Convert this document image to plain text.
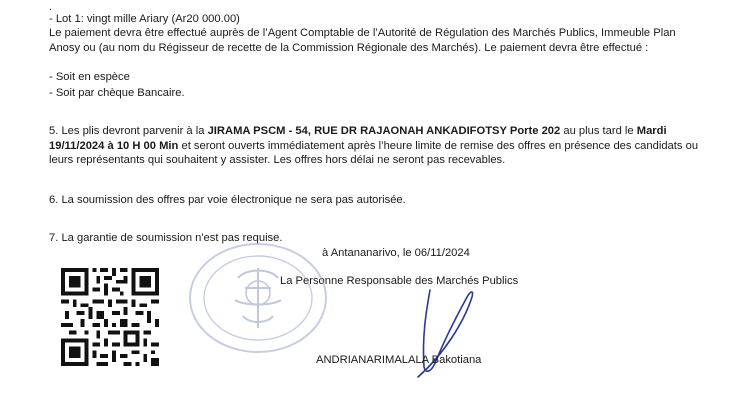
.
- Lot 1: vingt mille Ariary (Ar20 000.00)
Le paiement devra être effectué auprès de l’Agent Comptable de l’Autorité de Régulation des Marchés Publics, Immeuble Plan Anosy ou (au nom du Régisseur de recette de la Commission Régionale des Marchés). Le paiement devra être effectué :
- Soit en espèce
- Soit par chèque Bancaire.
5. Les plis devront parvenir à la JIRAMA PSCM - 54, RUE DR RAJAONAH ANKADIFOTSY Porte 202 au plus tard le Mardi 19/11/2024 à 10 H 00 Min et seront ouverts immédiatement après l’heure limite de remise des offres en présence des candidats ou leurs représentants qui souhaitent y assister. Les offres hors délai ne seront pas recevables.
6. La soumission des offres par voie électronique ne sera pas autorisée.
7. La garantie de soumission n'est pas requise.
à Antananarivo, le 06/11/2024
La Personne Responsable des Marchés Publics
ANDRIANARIMALALA Bakotiana
